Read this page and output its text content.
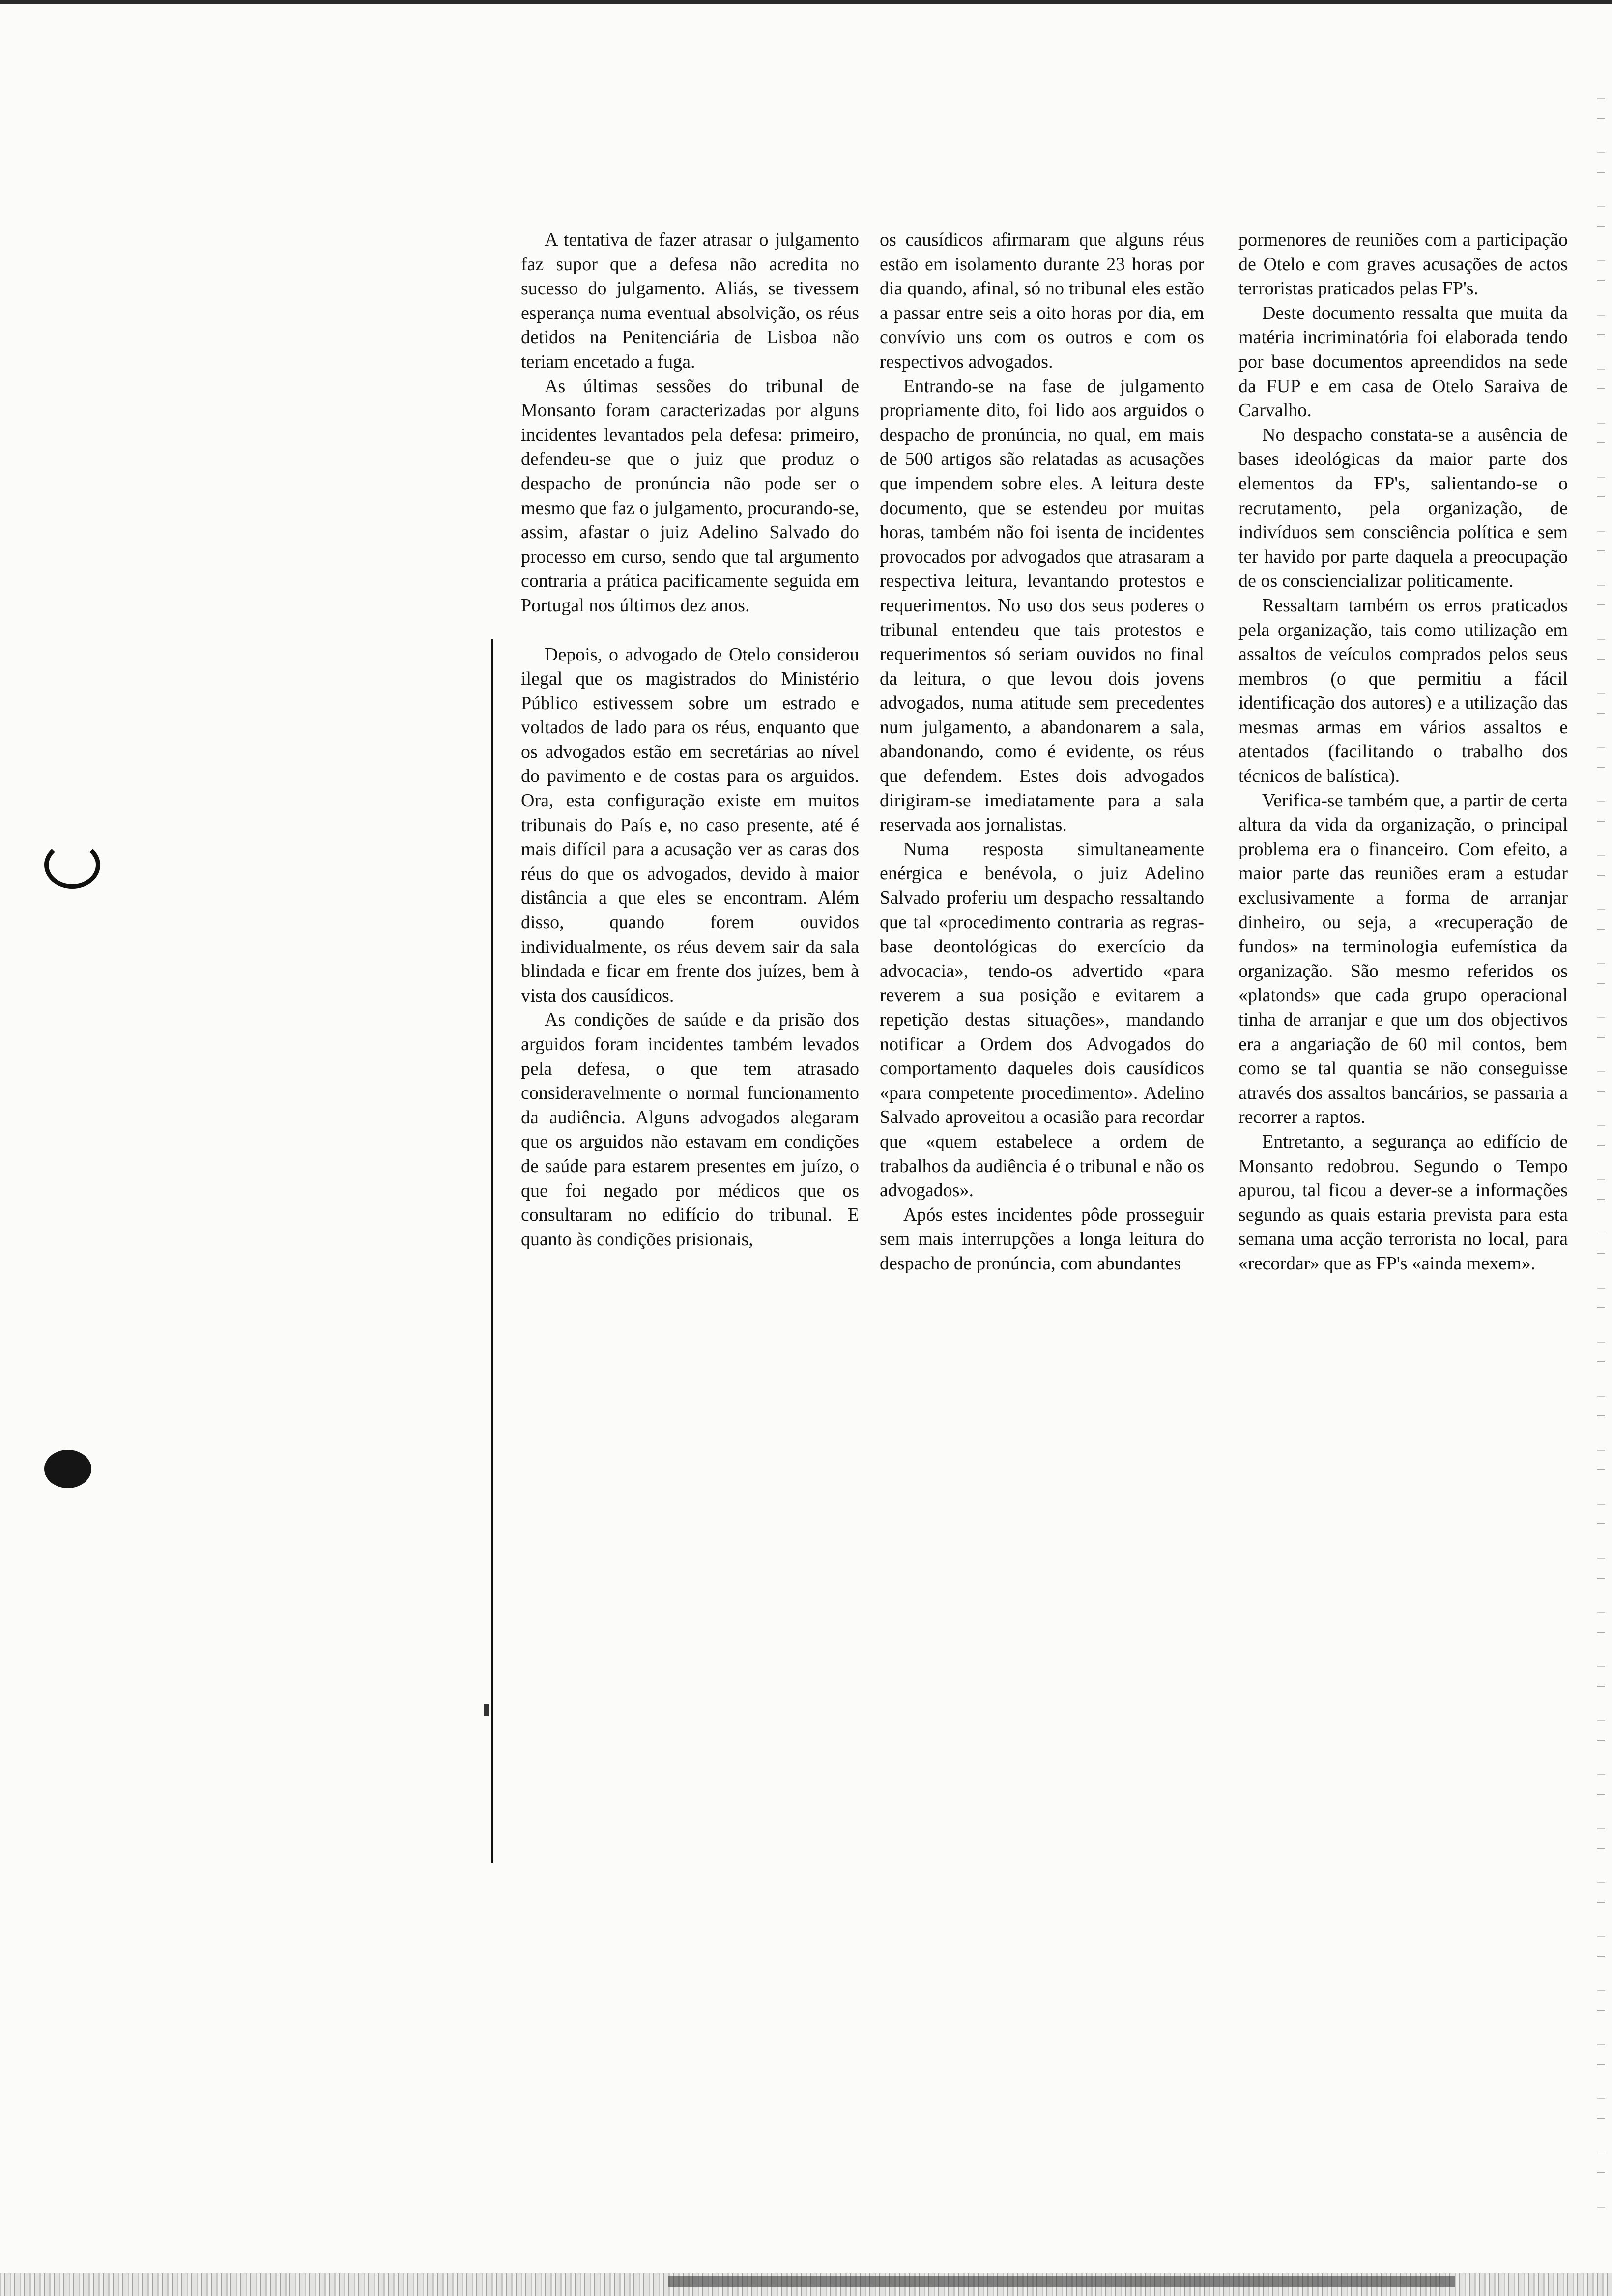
A tentativa de fazer atrasar o julgamento faz supor que a defesa não acredita no sucesso do julgamento. Aliás, se tivessem esperança numa eventual absolvição, os réus detidos na Penitenciária de Lisboa não teriam encetado a fuga.

As últimas sessões do tribunal de Monsanto foram caracterizadas por alguns incidentes levantados pela defesa: primeiro, defendeu-se que o juiz que produz o despacho de pronúncia não pode ser o mesmo que faz o julgamento, procurando-se, assim, afastar o juiz Adelino Salvado do processo em curso, sendo que tal argumento contraria a prática pacificamente seguida em Portugal nos últimos dez anos.

Depois, o advogado de Otelo considerou ilegal que os magistrados do Ministério Público estivessem sobre um estrado e voltados de lado para os réus, enquanto que os advogados estão em secretárias ao nível do pavimento e de costas para os arguidos. Ora, esta configuração existe em muitos tribunais do País e, no caso presente, até é mais difícil para a acusação ver as caras dos réus do que os advogados, devido à maior distância a que eles se encontram. Além disso, quando forem ouvidos individualmente, os réus devem sair da sala blindada e ficar em frente dos juízes, bem à vista dos causídicos.

As condições de saúde e da prisão dos arguidos foram incidentes também levados pela defesa, o que tem atrasado consideravelmente o normal funcionamento da audiência. Alguns advogados alegaram que os arguidos não estavam em condições de saúde para estarem presentes em juízo, o que foi negado por médicos que os consultaram no edifício do tribunal. E quanto às condições prisionais,

os causídicos afirmaram que alguns réus estão em isolamento durante 23 horas por dia quando, afinal, só no tribunal eles estão a passar entre seis a oito horas por dia, em convívio uns com os outros e com os respectivos advogados.

Entrando-se na fase de julgamento propriamente dito, foi lido aos arguidos o despacho de pronúncia, no qual, em mais de 500 artigos são relatadas as acusações que impendem sobre eles. A leitura deste documento, que se estendeu por muitas horas, também não foi isenta de incidentes provocados por advogados que atrasaram a respectiva leitura, levantando protestos e requerimentos. No uso dos seus poderes o tribunal entendeu que tais protestos e requerimentos só seriam ouvidos no final da leitura, o que levou dois jovens advogados, numa atitude sem precedentes num julgamento, a abandonarem a sala, abandonando, como é evidente, os réus que defendem. Estes dois advogados dirigiram-se imediatamente para a sala reservada aos jornalistas.

Numa resposta simultaneamente enérgica e benévola, o juiz Adelino Salvado proferiu um despacho ressaltando que tal «procedimento contraria as regras-base deontológicas do exercício da advocacia», tendo-os advertido «para reverem a sua posição e evitarem a repetição destas situações», mandando notificar a Ordem dos Advogados do comportamento daqueles dois causídicos «para competente procedimento». Adelino Salvado aproveitou a ocasião para recordar que «quem estabelece a ordem de trabalhos da audiência é o tribunal e não os advogados».

Após estes incidentes pôde prosseguir sem mais interrupções a longa leitura do despacho de pronúncia, com abundantes

pormenores de reuniões com a participação de Otelo e com graves acusações de actos terroristas praticados pelas FP's.

Deste documento ressalta que muita da matéria incriminatória foi elaborada tendo por base documentos apreendidos na sede da FUP e em casa de Otelo Saraiva de Carvalho.

No despacho constata-se a ausência de bases ideológicas da maior parte dos elementos da FP's, salientando-se o recrutamento, pela organização, de indivíduos sem consciência política e sem ter havido por parte daquela a preocupação de os consciencializar politicamente.

Ressaltam também os erros praticados pela organização, tais como utilização em assaltos de veículos comprados pelos seus membros (o que permitiu a fácil identificação dos autores) e a utilização das mesmas armas em vários assaltos e atentados (facilitando o trabalho dos técnicos de balística).

Verifica-se também que, a partir de certa altura da vida da organização, o principal problema era o financeiro. Com efeito, a maior parte das reuniões eram a estudar exclusivamente a forma de arranjar dinheiro, ou seja, a «recuperação de fundos» na terminologia eufemística da organização. São mesmo referidos os «platonds» que cada grupo operacional tinha de arranjar e que um dos objectivos era a angariação de 60 mil contos, bem como se tal quantia se não conseguisse através dos assaltos bancários, se passaria a recorrer a raptos.

Entretanto, a segurança ao edifício de Monsanto redobrou. Segundo o Tempo apurou, tal ficou a dever-se a informações segundo as quais estaria prevista para esta semana uma acção terrorista no local, para «recordar» que as FP's «ainda mexem».
